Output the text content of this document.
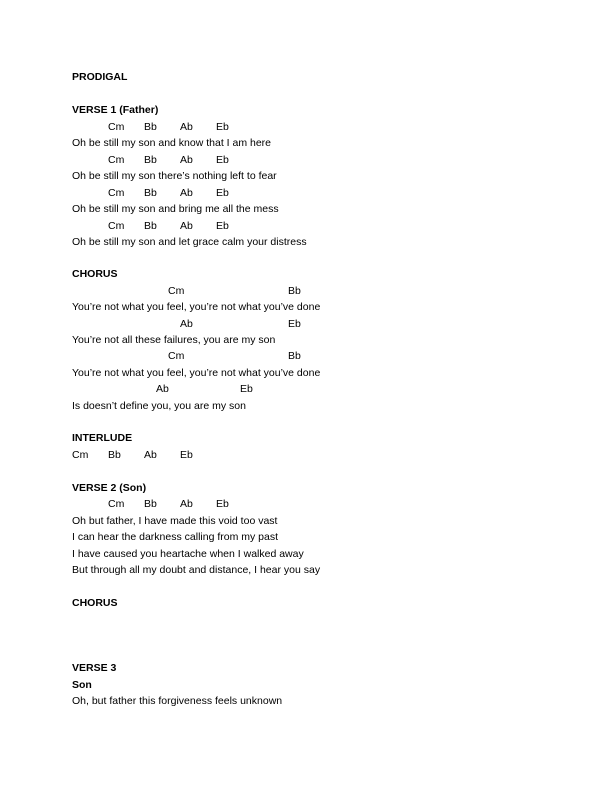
PRODIGAL
VERSE 1 (Father)
Cm Bb Ab Eb
Oh be still my son and know that I am here
Cm Bb Ab Eb
Oh be still my son there’s nothing left to fear
Cm Bb Ab Eb
Oh be still my son and bring me all the mess
Cm Bb Ab Eb
Oh be still my son and let grace calm your distress
CHORUS
Cm	Bb
You’re not what you feel, you’re not what you’ve done
Ab	Eb
You’re not all these failures, you are my son
Cm	Bb
You’re not what you feel, you’re not what you’ve done
Ab	Eb
Is doesn’t define you, you are my son
INTERLUDE
Cm Bb Ab Eb
VERSE 2 (Son)
Cm Bb Ab Eb
Oh but father, I have made this void too vast
I can hear the darkness calling from my past
I have caused you heartache when I walked away
But through all my doubt and distance, I hear you say
CHORUS
VERSE 3
Son
Oh, but father this forgiveness feels unknown
